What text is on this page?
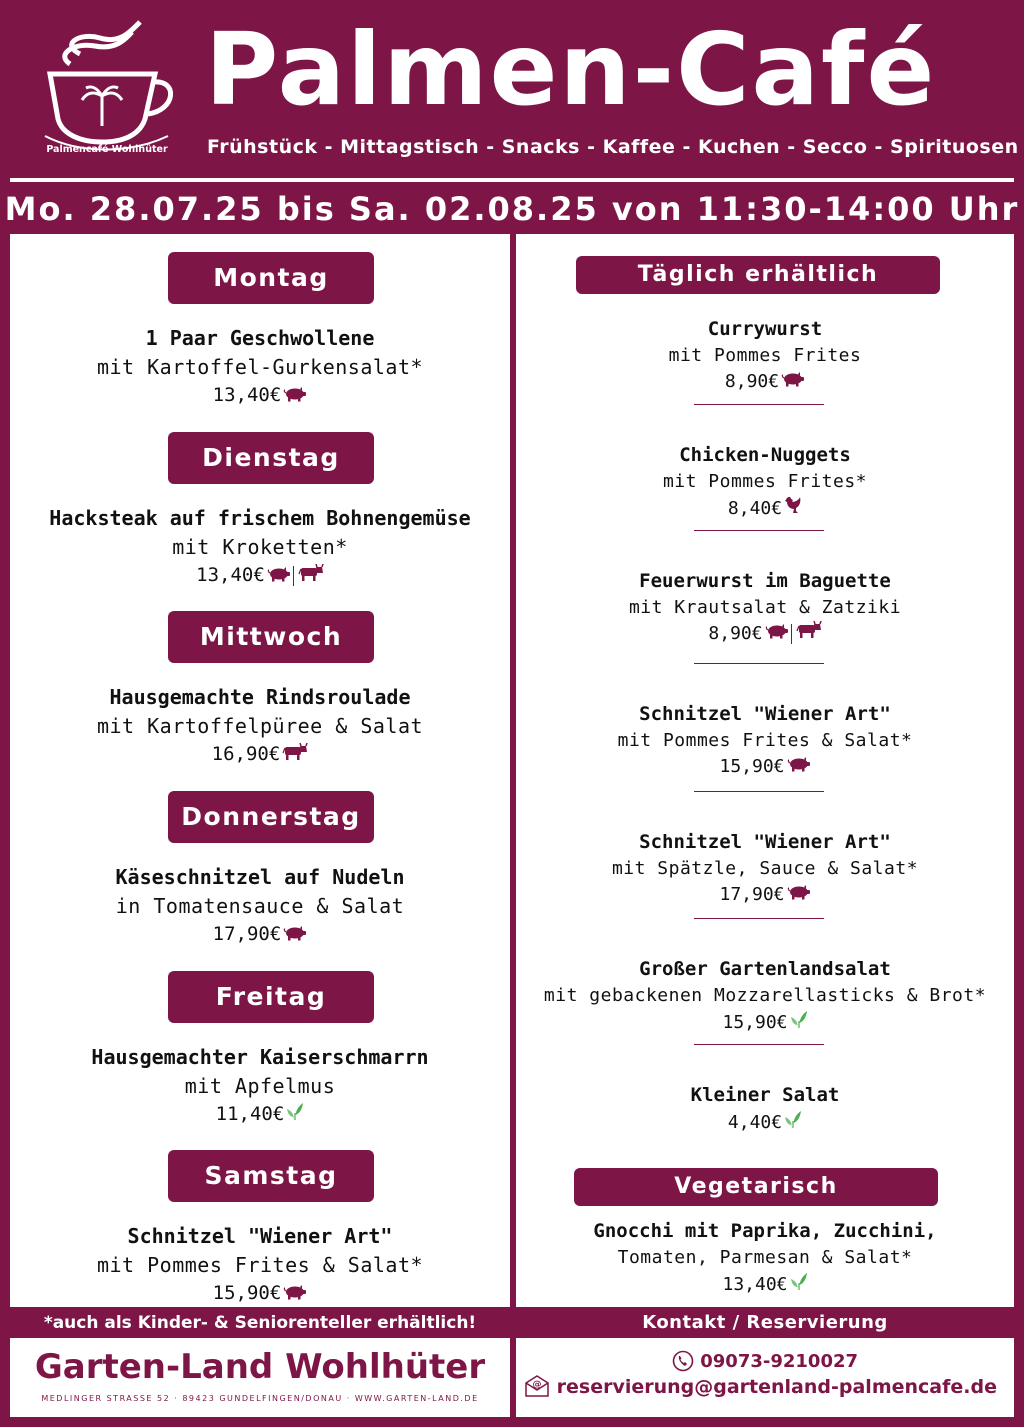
Palmencafé Wohlhüter
Palmen-Café
Frühstück - Mittagstisch - Snacks - Kaffee - Kuchen - Secco - Spirituosen
Mo. 28.07.25 bis Sa. 02.08.25 von 11:30-14:00 Uhr
Montag
1 Paar Geschwollene
mit Kartoffel-Gurkensalat*
13,40€
Dienstag
Hacksteak auf frischem Bohnengemüse
mit Kroketten*
13,40€
Mittwoch
Hausgemachte Rindsroulade
mit Kartoffelpüree & Salat
16,90€
Donnerstag
Käseschnitzel auf Nudeln
in Tomatensauce & Salat
17,90€
Freitag
Hausgemachter Kaiserschmarrn
mit Apfelmus
11,40€
Samstag
Schnitzel "Wiener Art"
mit Pommes Frites & Salat*
15,90€
Täglich erhältlich
Vegetarisch
Gnocchi mit Paprika, Zucchini,
Tomaten, Parmesan & Salat*
13,40€
Currywurst
mit Pommes Frites
8,90€
Chicken-Nuggets
mit Pommes Frites*
8,40€
Feuerwurst im Baguette
mit Krautsalat & Zatziki
8,90€
Schnitzel "Wiener Art"
mit Pommes Frites & Salat*
15,90€
Schnitzel "Wiener Art"
mit Spätzle, Sauce & Salat*
17,90€
Großer Gartenlandsalat
mit gebackenen Mozzarellasticks & Brot*
15,90€
Kleiner Salat
4,40€
*auch als Kinder- & Seniorenteller erhältlich!	Kontakt / Reservierung
Garten-Land Wohlhüter
MEDLINGER STRASSE 52 · 89423 GUNDELFINGEN/DONAU · WWW.GARTEN-LAND.DE
09073-9210027
@ reservierung@gartenland-palmencafe.de
